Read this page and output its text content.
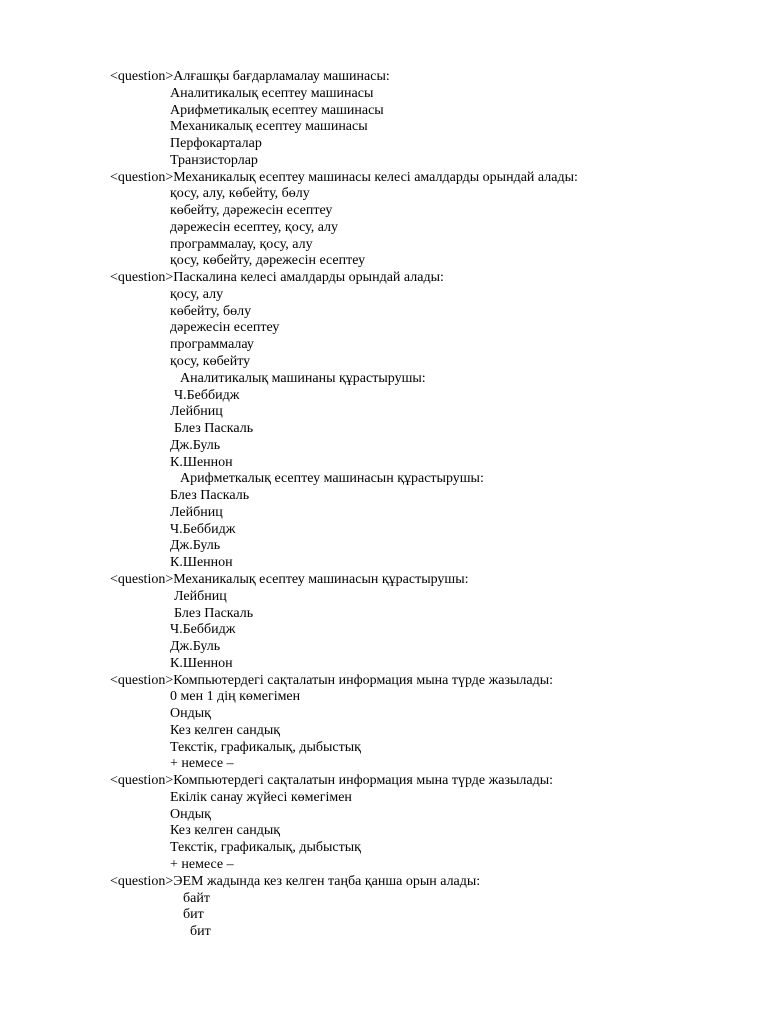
<question>Алғашқы бағдарламалау машинасы:
Аналитикалық есептеу машинасы
Арифметикалық есептеу машинасы
Механикалық есептеу машинасы
Перфокарталар
Транзисторлар
<question>Механикалық есептеу машинасы келесі амалдарды орындай алады:
қосу, алу, көбейту, бөлу
көбейту, дәрежесін есептеу
дәрежесін есептеу, қосу, алу
программалау, қосу, алу
қосу, көбейту, дәрежесін есептеу
<question>Паскалина келесі амалдарды орындай алады:
қосу, алу
көбейту, бөлу
дәрежесін есептеу
программалау
қосу, көбейту
Аналитикалық машинаны құрастырушы:
Ч.Беббидж
Лейбниц
Блез Паскаль
Дж.Буль
К.Шеннон
Арифметкалық есептеу машинасын құрастырушы:
Блез Паскаль
Лейбниц
Ч.Беббидж
Дж.Буль
К.Шеннон
<question>Механикалық есептеу машинасын құрастырушы:
Лейбниц
Блез Паскаль
Ч.Беббидж
Дж.Буль
К.Шеннон
<question>Компьютердегі сақталатын информация мына түрде жазылады:
0 мен 1 дің көмегімен
Ондық
Кез келген сандық
Текстік, графикалық, дыбыстық
+ немесе –
<question>Компьютердегі сақталатын информация мына түрде жазылады:
Екілік санау жүйесі көмегімен
Ондық
Кез келген сандық
Текстік, графикалық, дыбыстық
+ немесе –
<question>ЭЕМ жадында кез келген таңба қанша орын алады:
байт
бит
бит
